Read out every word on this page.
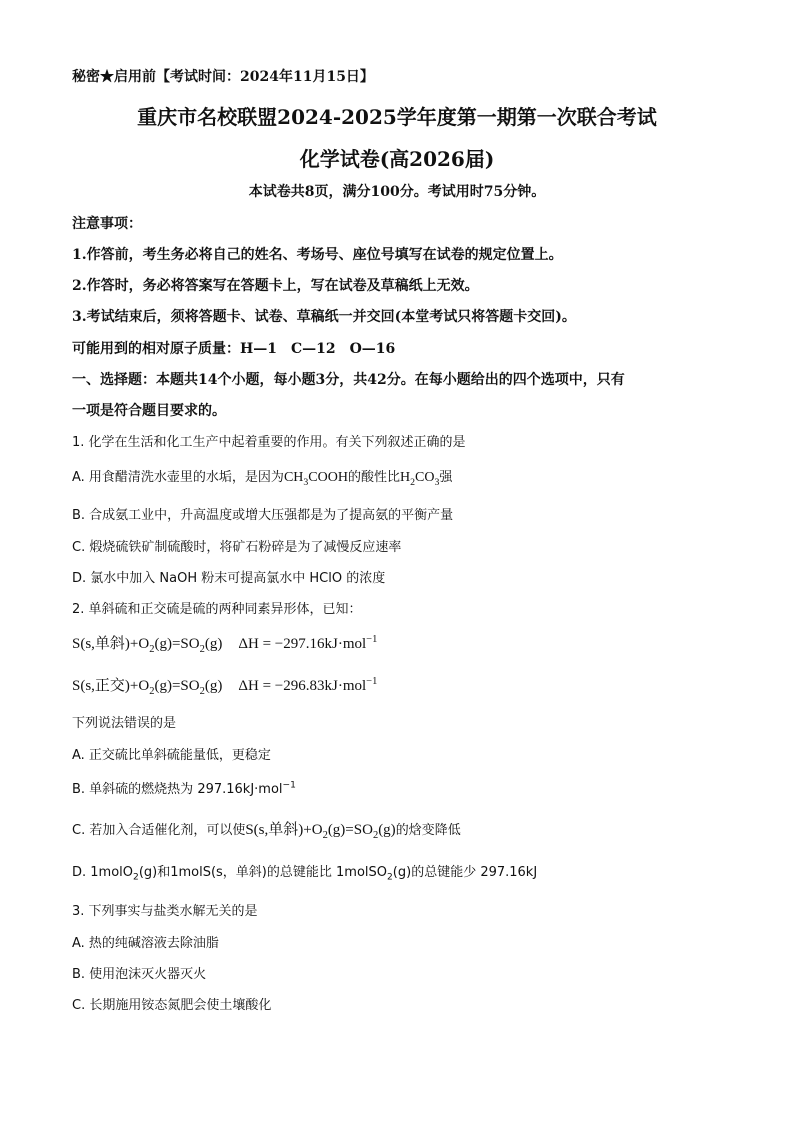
秘密★启用前【考试时间：2024年11月15日】
重庆市名校联盟2024-2025学年度第一期第一次联合考试
化学试卷(高2026届)
本试卷共8页，满分100分。考试用时75分钟。
注意事项：
1.作答前，考生务必将自己的姓名、考场号、座位号填写在试卷的规定位置上。
2.作答时，务必将答案写在答题卡上，写在试卷及草稿纸上无效。
3.考试结束后，须将答题卡、试卷、草稿纸一并交回(本堂考试只将答题卡交回)。
可能用到的相对原子质量：H—1　C—12　O—16
一、选择题：本题共14个小题，每小题3分，共42分。在每小题给出的四个选项中，只有
一项是符合题目要求的。
1. 化学在生活和化工生产中起着重要的作用。有关下列叙述正确的是
A. 用食醋清洗水壶里的水垢，是因为$CH_3COOH$的酸性比$H_2CO_3$强
B. 合成氨工业中，升高温度或增大压强都是为了提高氨的平衡产量
C. 煅烧硫铁矿制硫酸时，将矿石粉碎是为了减慢反应速率
D. 氯水中加入 NaOH 粉末可提高氯水中 HClO 的浓度
2. 单斜硫和正交硫是硫的两种同素异形体，已知：
S(s,单斜)$+O_2(g)=SO_2(g)$ ΔH = −297.16kJ·mol$^{-1}$
S(s,正交)$+O_2(g)=SO_2(g)$ ΔH = −296.83kJ·mol$^{-1}$
下列说法错误的是
A. 正交硫比单斜硫能量低，更稳定
B. 单斜硫的燃烧热为 297.16kJ·mol$^{-1}$
C. 若加入合适催化剂，可以使S(s,单斜)$+O_2(g)=SO_2(g)$的焓变降低
D. 1molO$_2$(g)和1molS(s，单斜)的总键能比 1molSO$_2$(g)的总键能少 297.16kJ
3. 下列事实与盐类水解无关的是
A. 热的纯碱溶液去除油脂
B. 使用泡沫灭火器灭火
C. 长期施用铵态氮肥会使土壤酸化
